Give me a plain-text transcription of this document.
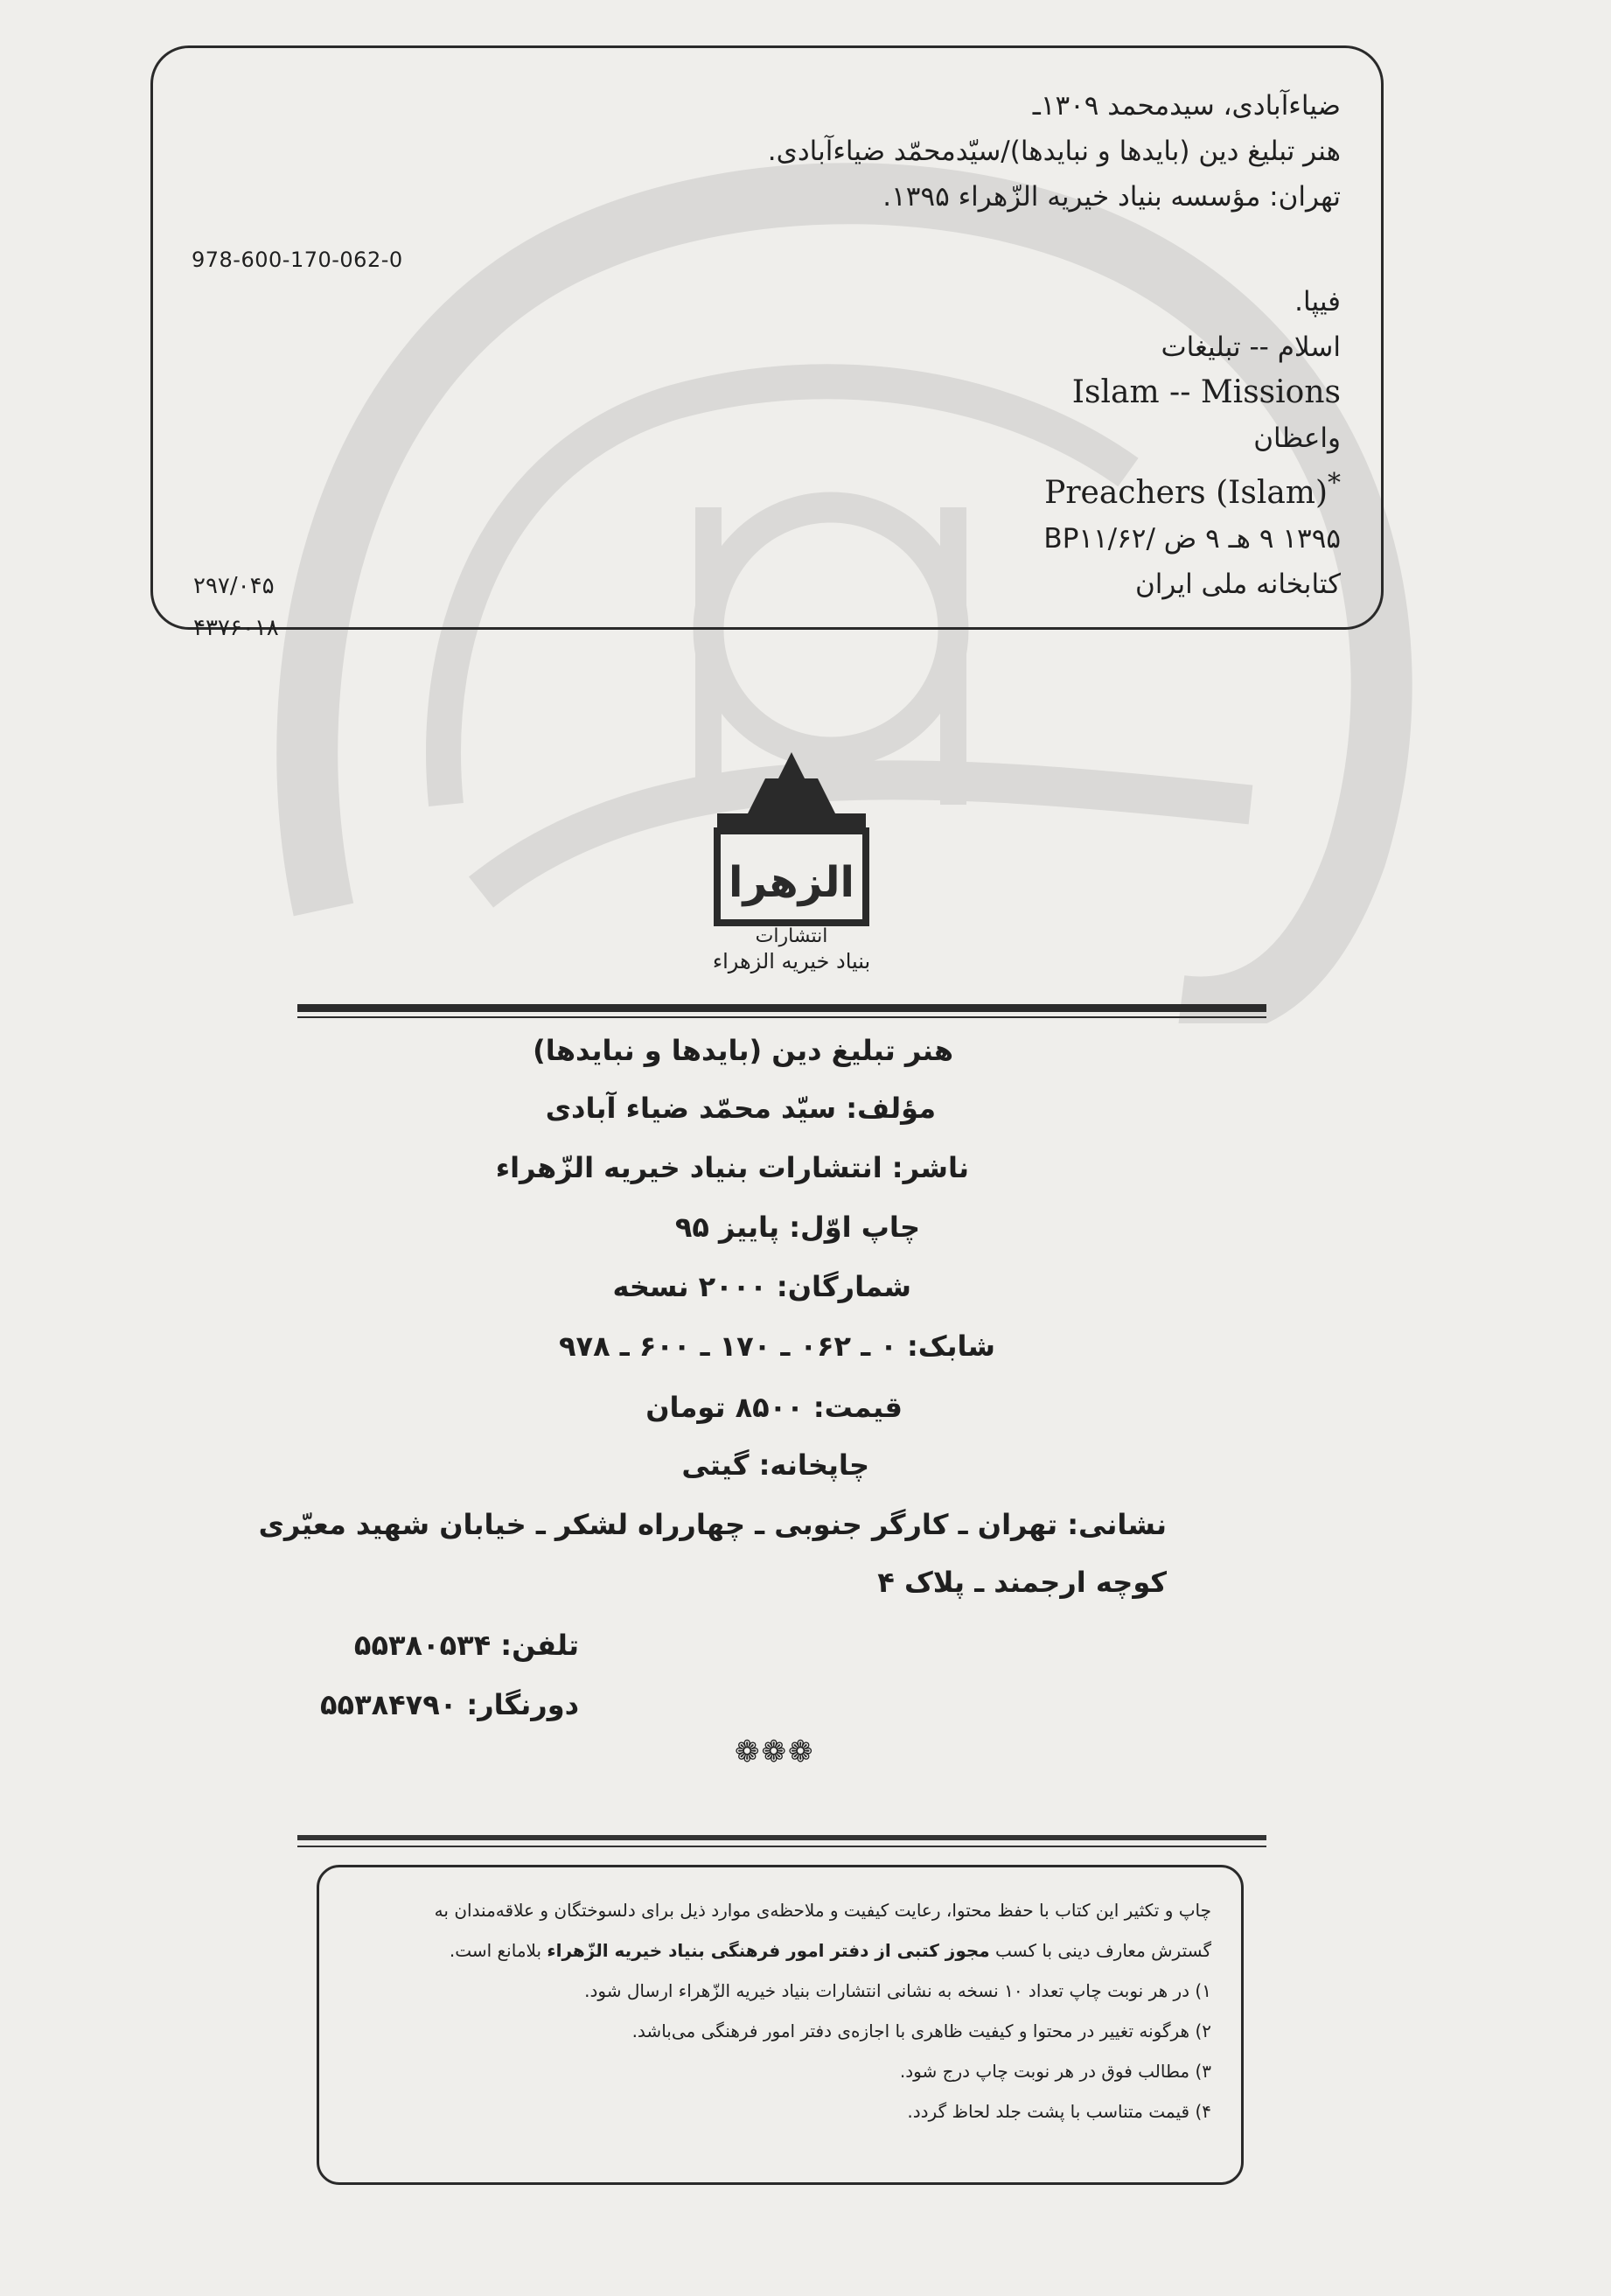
ضیاءآبادی، سیدمحمد ۱۳۰۹ـ
هنر تبلیغ دین (بایدها و نبایدها)/سیّدمحمّد ضیاءآبادی.
تهران: مؤسسه بنیاد خیریه الزّهراء ۱۳۹۵.
فیپا.
اسلام -- تبلیغات
Islam -- Missions
واعظان
Preachers (Islam)*
۱۳۹۵ ۹ هـ ۹ ض /BP۱۱/۶۲
کتابخانه ملی ایران
978-600-170-062-0
۲۹۷/۰۴۵
۴۳۷۶۰۱۸
الزهرا
انتشارات
بنیاد خیریه الزهراء
هنر تبلیغ دین (بایدها و نبایدها)
مؤلف: سیّد محمّد ضیاء آبادی
ناشر: انتشارات بنیاد خیریه الزّهراء
چاپ اوّل: پاییز ۹۵
شمارگان: ۲۰۰۰ نسخه
شابک: ۰ ـ ۰۶۲ ـ ۱۷۰ ـ ۶۰۰ ـ ۹۷۸
قیمت: ۸۵۰۰ تومان
چاپخانه: گیتی
نشانی: تهران ـ کارگر جنوبی ـ چهارراه لشکر ـ خیابان شهید معیّری
کوچه ارجمند ـ پلاک ۴
تلفن: ۵۵۳۸۰۵۳۴
دورنگار: ۵۵۳۸۴۷۹۰
❁❁❁
چاپ و تکثیر این کتاب با حفظ محتوا، رعایت کیفیت و ملاحظه‌ی موارد ذیل برای دلسوختگان و علاقه‌مندان به
گسترش معارف دینی با کسب مجوز کتبی از دفتر امور فرهنگی بنیاد خیریه الزّهراء بلامانع است.
۱) در هر نوبت چاپ تعداد ۱۰ نسخه به نشانی انتشارات بنیاد خیریه الزّهراء ارسال شود.
۲) هرگونه تغییر در محتوا و کیفیت ظاهری با اجازه‌ی دفتر امور فرهنگی می‌باشد.
۳) مطالب فوق در هر نوبت چاپ درج شود.
۴) قیمت متناسب با پشت جلد لحاظ گردد.
